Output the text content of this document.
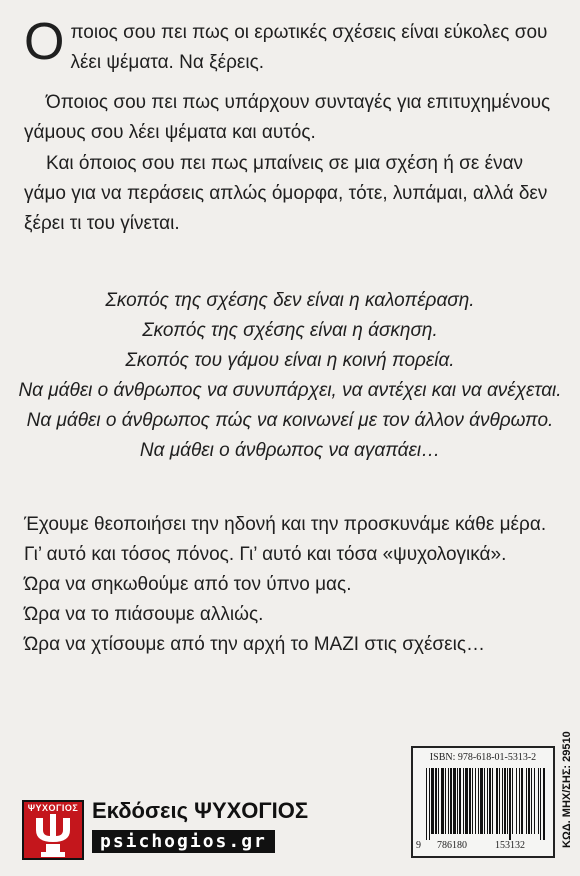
Οποιος σου πει πως οι ερωτικές σχέσεις είναι εύκολες σου λέει ψέματα. Να ξέρεις.

Όποιος σου πει πως υπάρχουν συνταγές για επιτυχημένους γάμους σου λέει ψέματα και αυτός.

Και όποιος σου πει πως μπαίνεις σε μια σχέση ή σε έναν γάμο για να περάσεις απλώς όμορφα, τότε, λυπάμαι, αλλά δεν ξέρει τι του γίνεται.

Σκοπός της σχέσης δεν είναι η καλοπέραση.

Σκοπός της σχέσης είναι η άσκηση.

Σκοπός του γάμου είναι η κοινή πορεία.

Να μάθει ο άνθρωπος να συνυπάρχει, να αντέχει και να ανέχεται.

Να μάθει ο άνθρωπος πώς να κοινωνεί με τον άλλον άνθρωπο.

Να μάθει ο άνθρωπος να αγαπάει…

Έχουμε θεοποιήσει την ηδονή και την προσκυνάμε κάθε μέρα.

Γι’ αυτό και τόσος πόνος. Γι’ αυτό και τόσα «ψυχολογικά».

Ώρα να σηκωθούμε από τον ύπνο μας.

Ώρα να το πιάσουμε αλλιώς.

Ώρα να χτίσουμε από την αρχή το ΜΑΖΙ στις σχέσεις…

ΨΥΧΟΓΙΟΣ Εκδόσεις ΨΥΧΟΓΙΟΣ
psichogios.gr
ISBN: 978-618-01-5313-2
9 786180	153132	ΚΩΔ. ΜΗΧ/ΣΗΣ: 29510
